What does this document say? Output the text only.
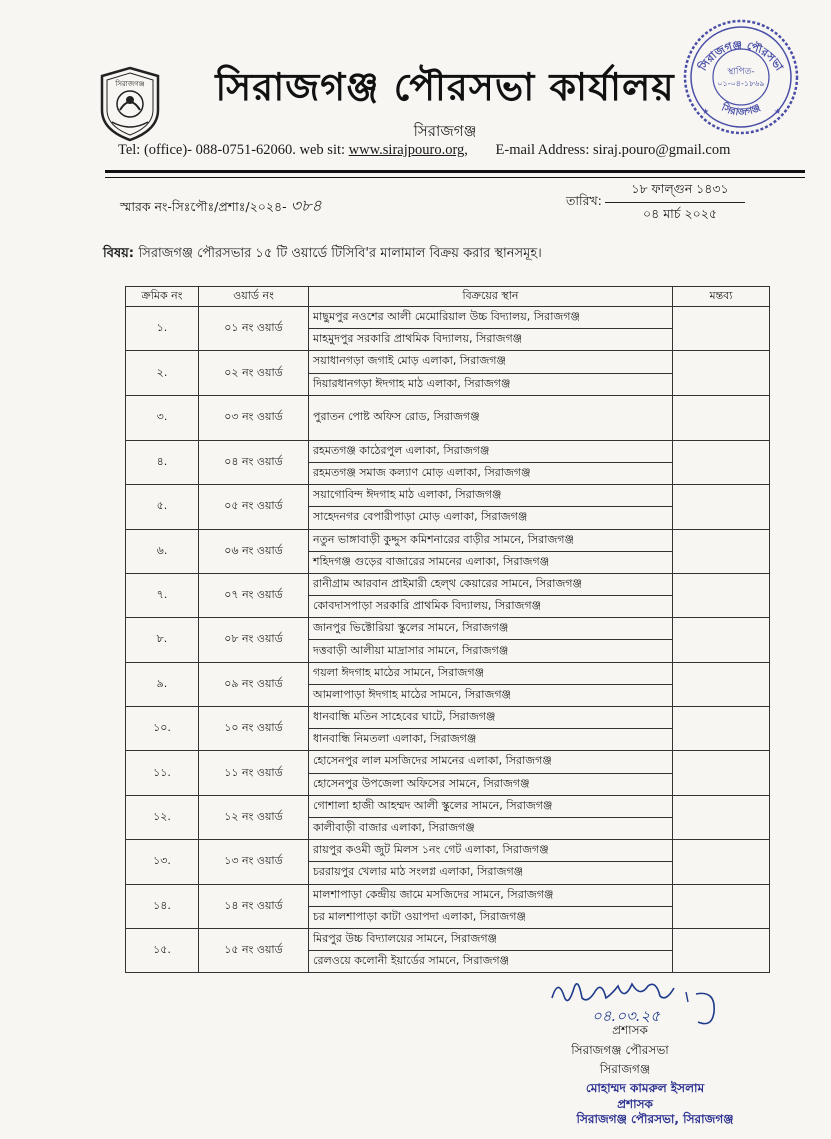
সিরাজগঞ্জ সিরাজগঞ্জ পৌরসভা কার্যালয়
সিরাজগঞ্জ
Tel: (office)- 088-0751-62060. web sit: www.sirajpouro.org, E-mail Address: siraj.pouro@gmail.com
সিরাজগঞ্জ পৌরসভা
সিরাজগঞ্জ
স্থাপিত-
০১-০৪-১৮৬৯
★	★
স্মারক নং-সিঃপৌঃ/প্রশাঃ/২০২৪- ৩৮৪	তারিখ:
১৮ ফাল্গুন ১৪৩১
০৪ মার্চ ২০২৫
বিষয়: সিরাজগঞ্জ পৌরসভার ১৫ টি ওয়ার্ডে টিসিবি'র মালামাল বিক্রয় করার স্থানসমূহ।
ক্রমিক নং	ওয়ার্ড নং	বিক্রয়ের স্থান	মন্তব্য
১.	০১ নং ওয়ার্ড	মাছুমপুর নওশের আলী মেমোরিয়াল উচ্চ বিদ্যালয়, সিরাজগঞ্জ	
		মাহমুদপুর সরকারি প্রাথমিক বিদ্যালয়, সিরাজগঞ্জ	
২.	০২ নং ওয়ার্ড	সয়াধানগড়া জগাই মোড় এলাকা, সিরাজগঞ্জ	
		দিয়ারধানগড়া ঈদগাহ মাঠ এলাকা, সিরাজগঞ্জ	
৩.	০৩ নং ওয়ার্ড	পুরাতন পোষ্ট অফিস রোড, সিরাজগঞ্জ	
৪.	০৪ নং ওয়ার্ড	রহমতগঞ্জ কাঠেরপুল এলাকা, সিরাজগঞ্জ	
		রহমতগঞ্জ সমাজ কল্যাণ মোড় এলাকা, সিরাজগঞ্জ	
৫.	০৫ নং ওয়ার্ড	সয়াগোবিন্দ ঈদগাহ মাঠ এলাকা, সিরাজগঞ্জ	
		সাহেদনগর বেপারীপাড়া মোড় এলাকা, সিরাজগঞ্জ	
৬.	০৬ নং ওয়ার্ড	নতুন ভাঙ্গাবাড়ী কুদ্দুস কমিশনারের বাড়ীর সামনে, সিরাজগঞ্জ	
		শহিদগঞ্জ গুড়ের বাজারের সামনের এলাকা, সিরাজগঞ্জ	
৭.	০৭ নং ওয়ার্ড	রানীগ্রাম আরবান প্রাইমারী হেল্থ কেয়ারের সামনে, সিরাজগঞ্জ	
		কোবদাসপাড়া সরকারি প্রাথমিক বিদ্যালয়, সিরাজগঞ্জ	
৮.	০৮ নং ওয়ার্ড	জানপুর ভিক্টোরিয়া স্কুলের সামনে, সিরাজগঞ্জ	
		দত্তবাড়ী আলীয়া মাদ্রাসার সামনে, সিরাজগঞ্জ	
৯.	০৯ নং ওয়ার্ড	গয়লা ঈদগাহ মাঠের সামনে, সিরাজগঞ্জ	
		আমলাপাড়া ঈদগাহ মাঠের সামনে, সিরাজগঞ্জ	
১০.	১০ নং ওয়ার্ড	ধানবান্ধি মতিন সাহেবের ঘাটে, সিরাজগঞ্জ	
		ধানবান্ধি নিমতলা এলাকা, সিরাজগঞ্জ	
১১.	১১ নং ওয়ার্ড	হোসেনপুর লাল মসজিদের সামনের এলাকা, সিরাজগঞ্জ	
		হোসেনপুর উপজেলা অফিসের সামনে, সিরাজগঞ্জ	
১২.	১২ নং ওয়ার্ড	গোশালা হাজী আহম্মদ আলী স্কুলের সামনে, সিরাজগঞ্জ	
		কালীবাড়ী বাজার এলাকা, সিরাজগঞ্জ	
১৩.	১৩ নং ওয়ার্ড	রায়পুর কওমী জুট মিলস ১নং গেট এলাকা, সিরাজগঞ্জ	
		চররায়পুর খেলার মাঠ সংলগ্ন এলাকা, সিরাজগঞ্জ	
১৪.	১৪ নং ওয়ার্ড	মালশাপাড়া কেন্দ্রীয় জামে মসজিদের সামনে, সিরাজগঞ্জ	
		চর মালশাপাড়া কাটা ওয়াপদা এলাকা, সিরাজগঞ্জ	
১৫.	১৫ নং ওয়ার্ড	মিরপুর উচ্চ বিদ্যালয়ের সামনে, সিরাজগঞ্জ	
		রেলওয়ে কলোনী ইয়ার্ডের সামনে, সিরাজগঞ্জ	
০৪.০৩.২৫
প্রশাসক
সিরাজগঞ্জ পৌরসভা
সিরাজগঞ্জ
মোহাম্মদ কামরুল ইসলাম
প্রশাসক
সিরাজগঞ্জ পৌরসভা, সিরাজগঞ্জ
